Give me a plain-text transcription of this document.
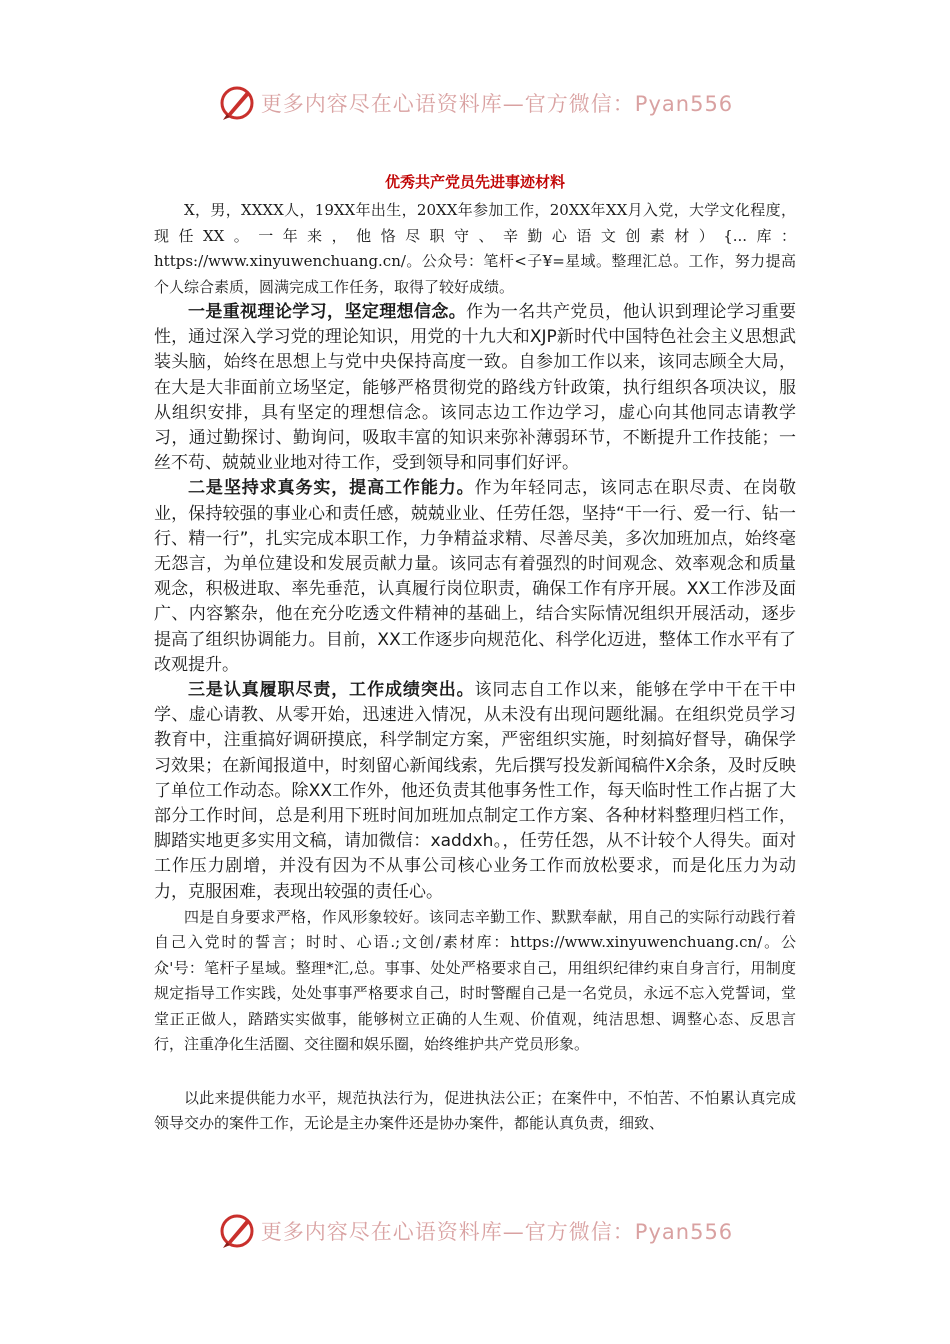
更多内容尽在心语资料库—官方微信：Pyan556
优秀共产党员先进事迹材料

X，男，XXXX人，19XX年出生，20XX年参加工作，20XX年XX月入党，大学文化程度，现任XX。一年来，他恪尽职守、辛勤心语文创素材）{...库：https://www.xinyuwenchuang.cn/。公众号：笔杆<子¥=星域。整理汇总。工作，努力提高个人综合素质，圆满完成工作任务，取得了较好成绩。

一是重视理论学习，坚定理想信念。作为一名共产党员，他认识到理论学习重要性，通过深入学习党的理论知识，用党的十九大和XJP新时代中国特色社会主义思想武装头脑，始终在思想上与党中央保持高度一致。自参加工作以来，该同志顾全大局，在大是大非面前立场坚定，能够严格贯彻党的路线方针政策，执行组织各项决议，服从组织安排，具有坚定的理想信念。该同志边工作边学习，虚心向其他同志请教学习，通过勤探讨、勤询问，吸取丰富的知识来弥补薄弱环节，不断提升工作技能；一丝不苟、兢兢业业地对待工作，受到领导和同事们好评。

二是坚持求真务实，提高工作能力。作为年轻同志，该同志在职尽责、在岗敬业，保持较强的事业心和责任感，兢兢业业、任劳任怨，坚持“干一行、爱一行、钻一行、精一行”，扎实完成本职工作，力争精益求精、尽善尽美，多次加班加点，始终毫无怨言，为单位建设和发展贡献力量。该同志有着强烈的时间观念、效率观念和质量观念，积极进取、率先垂范，认真履行岗位职责，确保工作有序开展。XX工作涉及面广、内容繁杂，他在充分吃透文件精神的基础上，结合实际情况组织开展活动，逐步提高了组织协调能力。目前，XX工作逐步向规范化、科学化迈进，整体工作水平有了改观提升。

三是认真履职尽责，工作成绩突出。该同志自工作以来，能够在学中干在干中学、虚心请教、从零开始，迅速进入情况，从未没有出现问题纰漏。在组织党员学习教育中，注重搞好调研摸底，科学制定方案，严密组织实施，时刻搞好督导，确保学习效果；在新闻报道中，时刻留心新闻线索，先后撰写投发新闻稿件X余条，及时反映了单位工作动态。除XX工作外，他还负责其他事务性工作，每天临时性工作占据了大部分工作时间，总是利用下班时间加班加点制定工作方案、各种材料整理归档工作，脚踏实地更多实用文稿，请加微信：xaddxh。，任劳任怨，从不计较个人得失。面对工作压力剧增，并没有因为不从事公司核心业务工作而放松要求，而是化压力为动力，克服困难，表现出较强的责任心。

四是自身要求严格，作风形象较好。该同志辛勤工作、默默奉献，用自己的实际行动践行着自己入党时的誓言；时时、心语.;文创/素材库：https://www.xinyuwenchuang.cn/。公众'号：笔杆子星域。整理*汇,总。事事、处处严格要求自己，用组织纪律约束自身言行，用制度规定指导工作实践，处处事事严格要求自己，时时警醒自己是一名党员，永远不忘入党誓词，堂堂正正做人，踏踏实实做事，能够树立正确的人生观、价值观，纯洁思想、调整心态、反思言行，注重净化生活圈、交往圈和娱乐圈，始终维护共产党员形象。

以此来提供能力水平，规范执法行为，促进执法公正；在案件中，不怕苦、不怕累认真完成领导交办的案件工作，无论是主办案件还是协办案件，都能认真负责，细致、

更多内容尽在心语资料库—官方微信：Pyan556
